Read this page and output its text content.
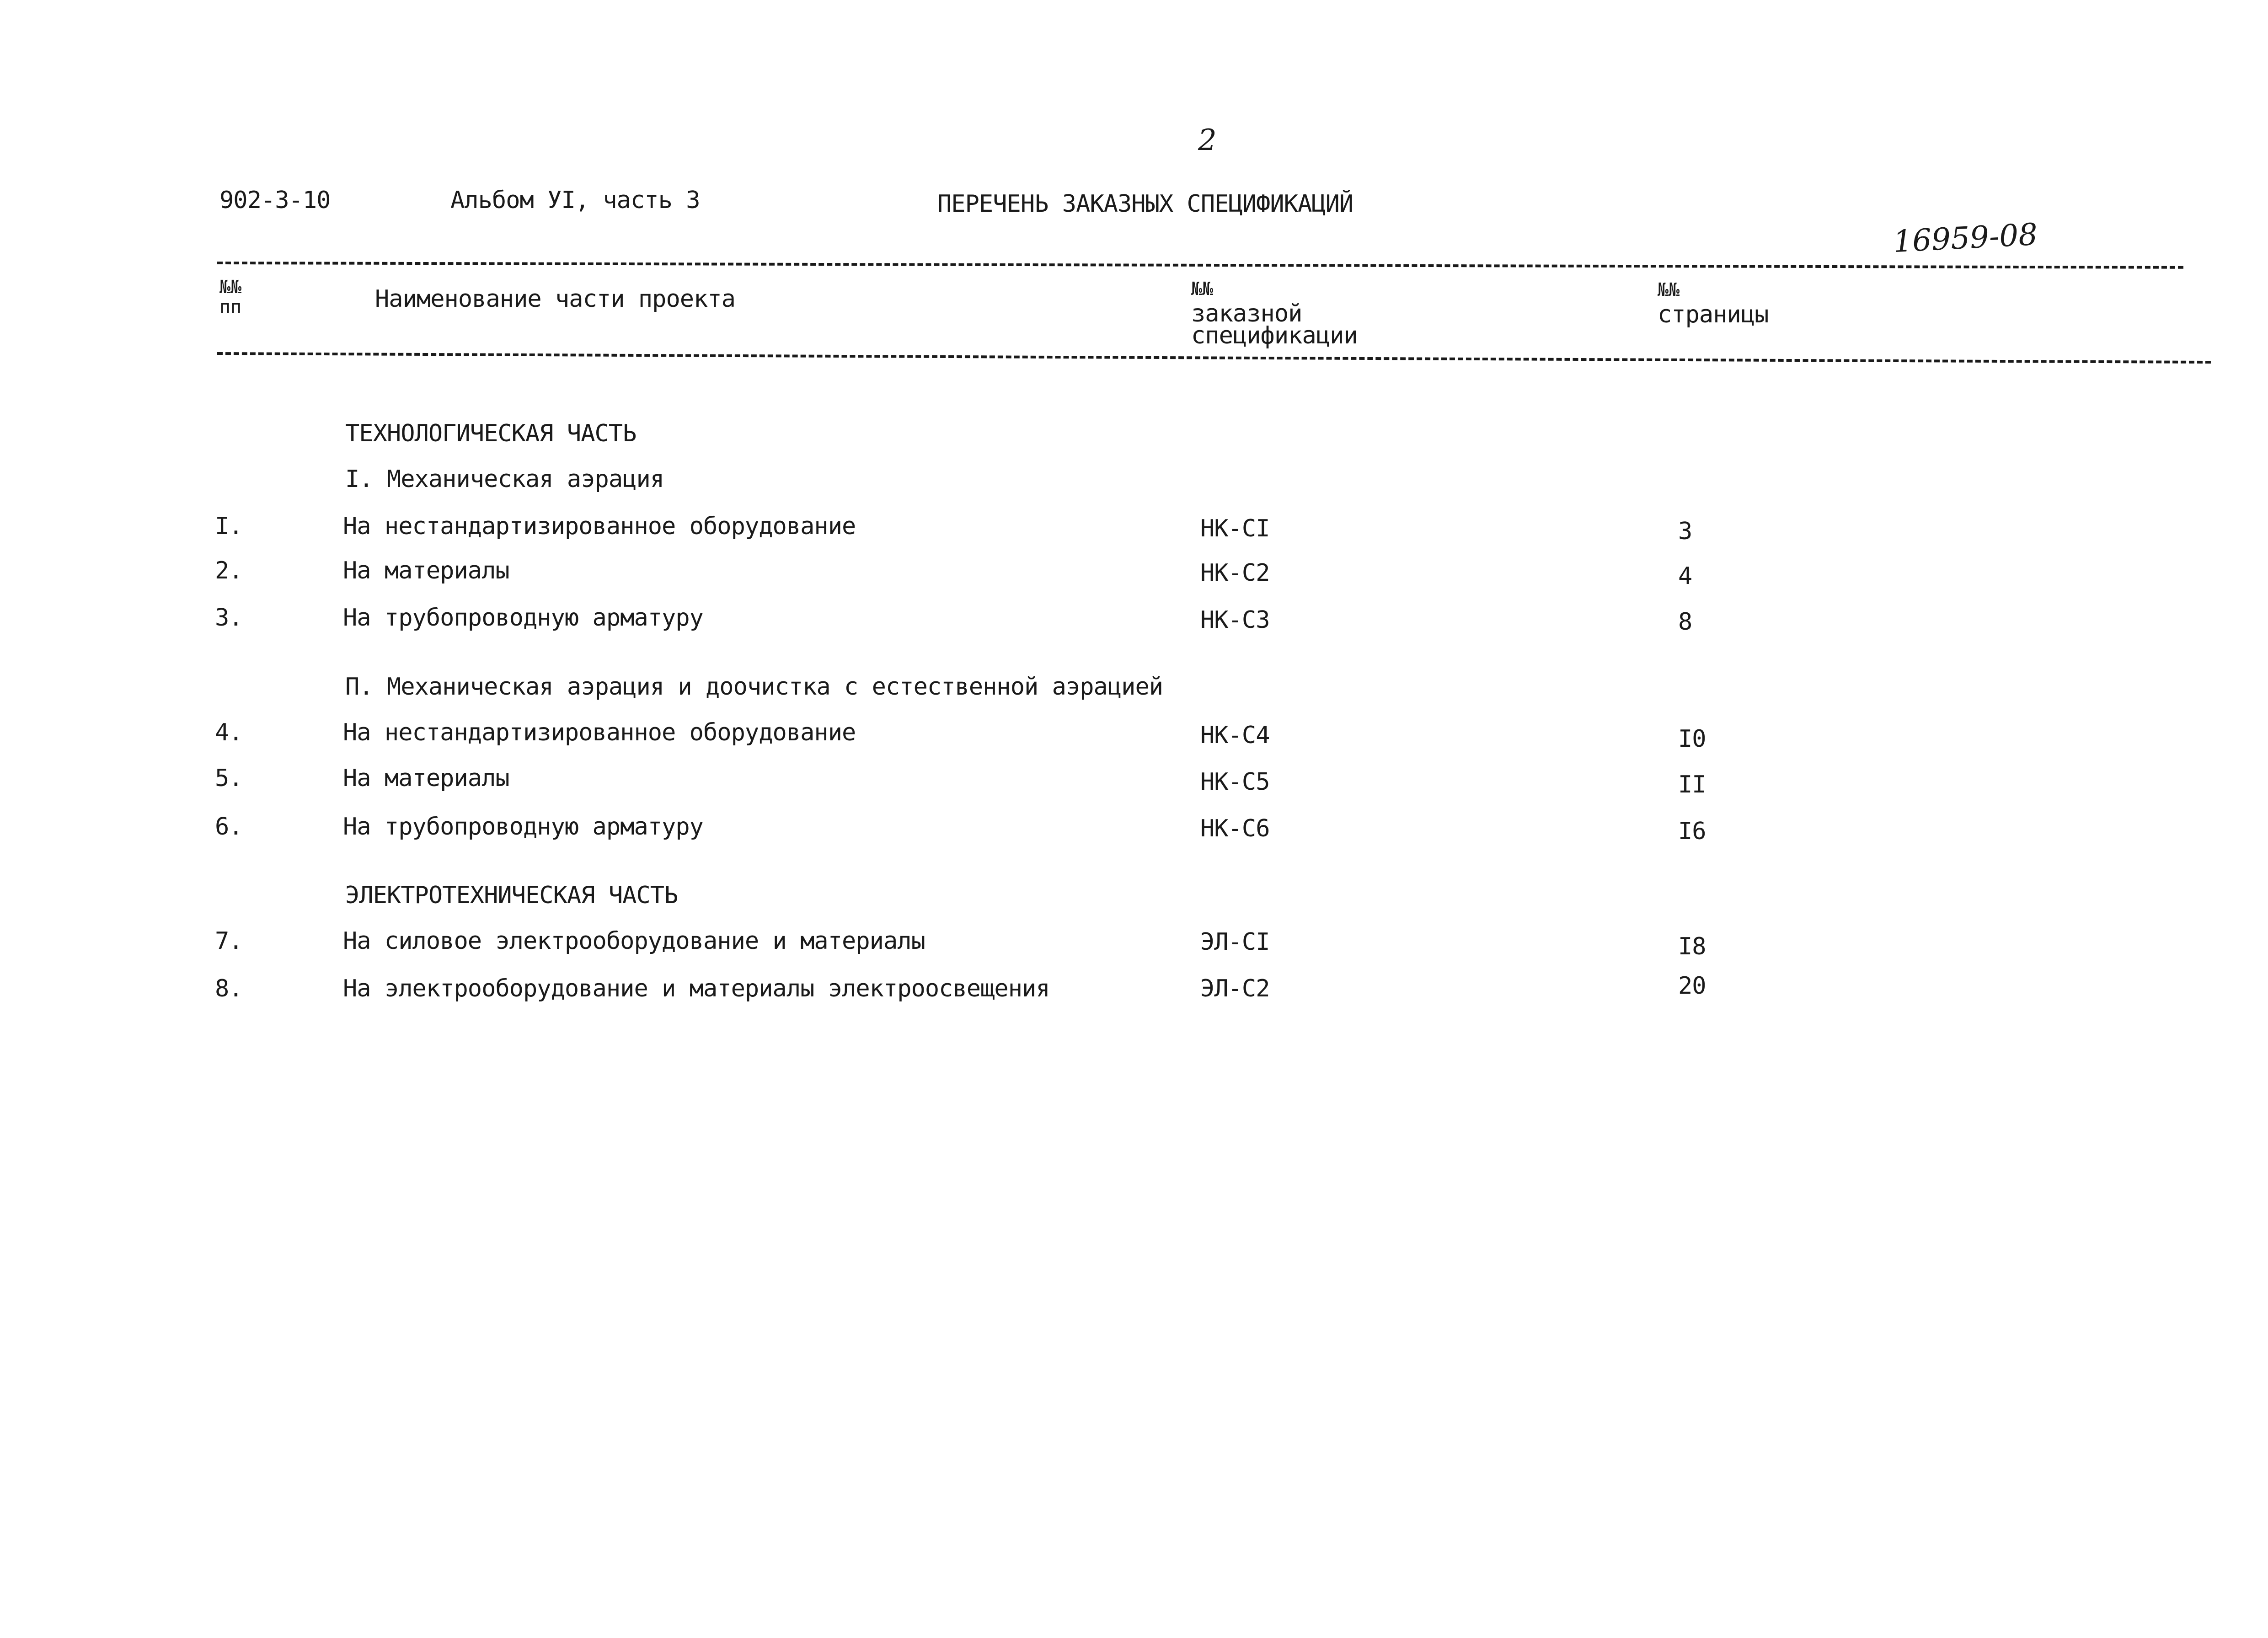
2
902-3-10	Альбом УI, часть 3	ПЕРЕЧЕНЬ ЗАКАЗНЫХ СПЕЦИФИКАЦИЙ
16959-08
№№
пп	Наименование части проекта	№№
заказной
спецификации
№№
страницы
ТЕХНОЛОГИЧЕСКАЯ ЧАСТЬ
I. Механическая аэрация
I.	На нестандартизированное оборудование	НК-СI	3
2.	На материалы	НК-С2	4
3.	На трубопроводную арматуру	НК-С3	8
П. Механическая аэрация и доочистка с естественной аэрацией
4.	На нестандартизированное оборудование	НК-С4	I0
5.	На материалы	НК-С5	II
6.	На трубопроводную арматуру	НК-С6	I6
ЭЛЕКТРОТЕХНИЧЕСКАЯ ЧАСТЬ
7.	На силовое электрооборудование и материалы	ЭЛ-СI	I8
8.	На электрооборудование и материалы электроосвещения	ЭЛ-С2	20
